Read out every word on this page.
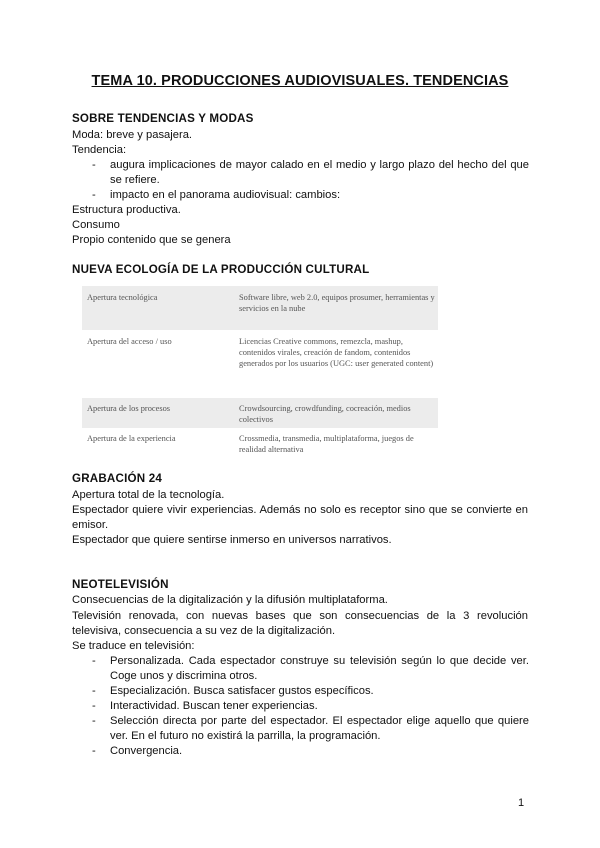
TEMA 10. PRODUCCIONES AUDIOVISUALES. TENDENCIAS
SOBRE TENDENCIAS Y MODAS
Moda: breve y pasajera.
Tendencia:
- augura implicaciones de mayor calado en el medio y largo plazo del hecho del que se refiere.
- impacto en el panorama audiovisual: cambios:
Estructura productiva.
Consumo
Propio contenido que se genera
NUEVA ECOLOGÍA DE LA PRODUCCIÓN CULTURAL
Apertura tecnológica	Software libre, web 2.0, equipos prosumer, herramientas y servicios en la nube
Apertura del acceso / uso	Licencias Creative commons, remezcla, mashup, contenidos virales, creación de fandom, contenidos generados por los usuarios (UGC: user generated content)
Apertura de los procesos	Crowdsourcing, crowdfunding, cocreación, medios colectivos
Apertura de la experiencia	Crossmedia, transmedia, multiplataforma, juegos de realidad alternativa
GRABACIÓN 24
Apertura total de la tecnología.
Espectador quiere vivir experiencias. Además no solo es receptor sino que se convierte en emisor.
Espectador que quiere sentirse inmerso en universos narrativos.
NEOTELEVISIÓN
Consecuencias de la digitalización y la difusión multiplataforma.
Televisión renovada, con nuevas bases que son consecuencias de la 3 revolución televisiva, consecuencia a su vez de la digitalización.
Se traduce en televisión:
- Personalizada. Cada espectador construye su televisión según lo que decide ver. Coge unos y discrimina otros.
- Especialización. Busca satisfacer gustos específicos.
- Interactividad. Buscan tener experiencias.
- Selección directa por parte del espectador. El espectador elige aquello que quiere ver. En el futuro no existirá la parrilla, la programación.
- Convergencia.
1
